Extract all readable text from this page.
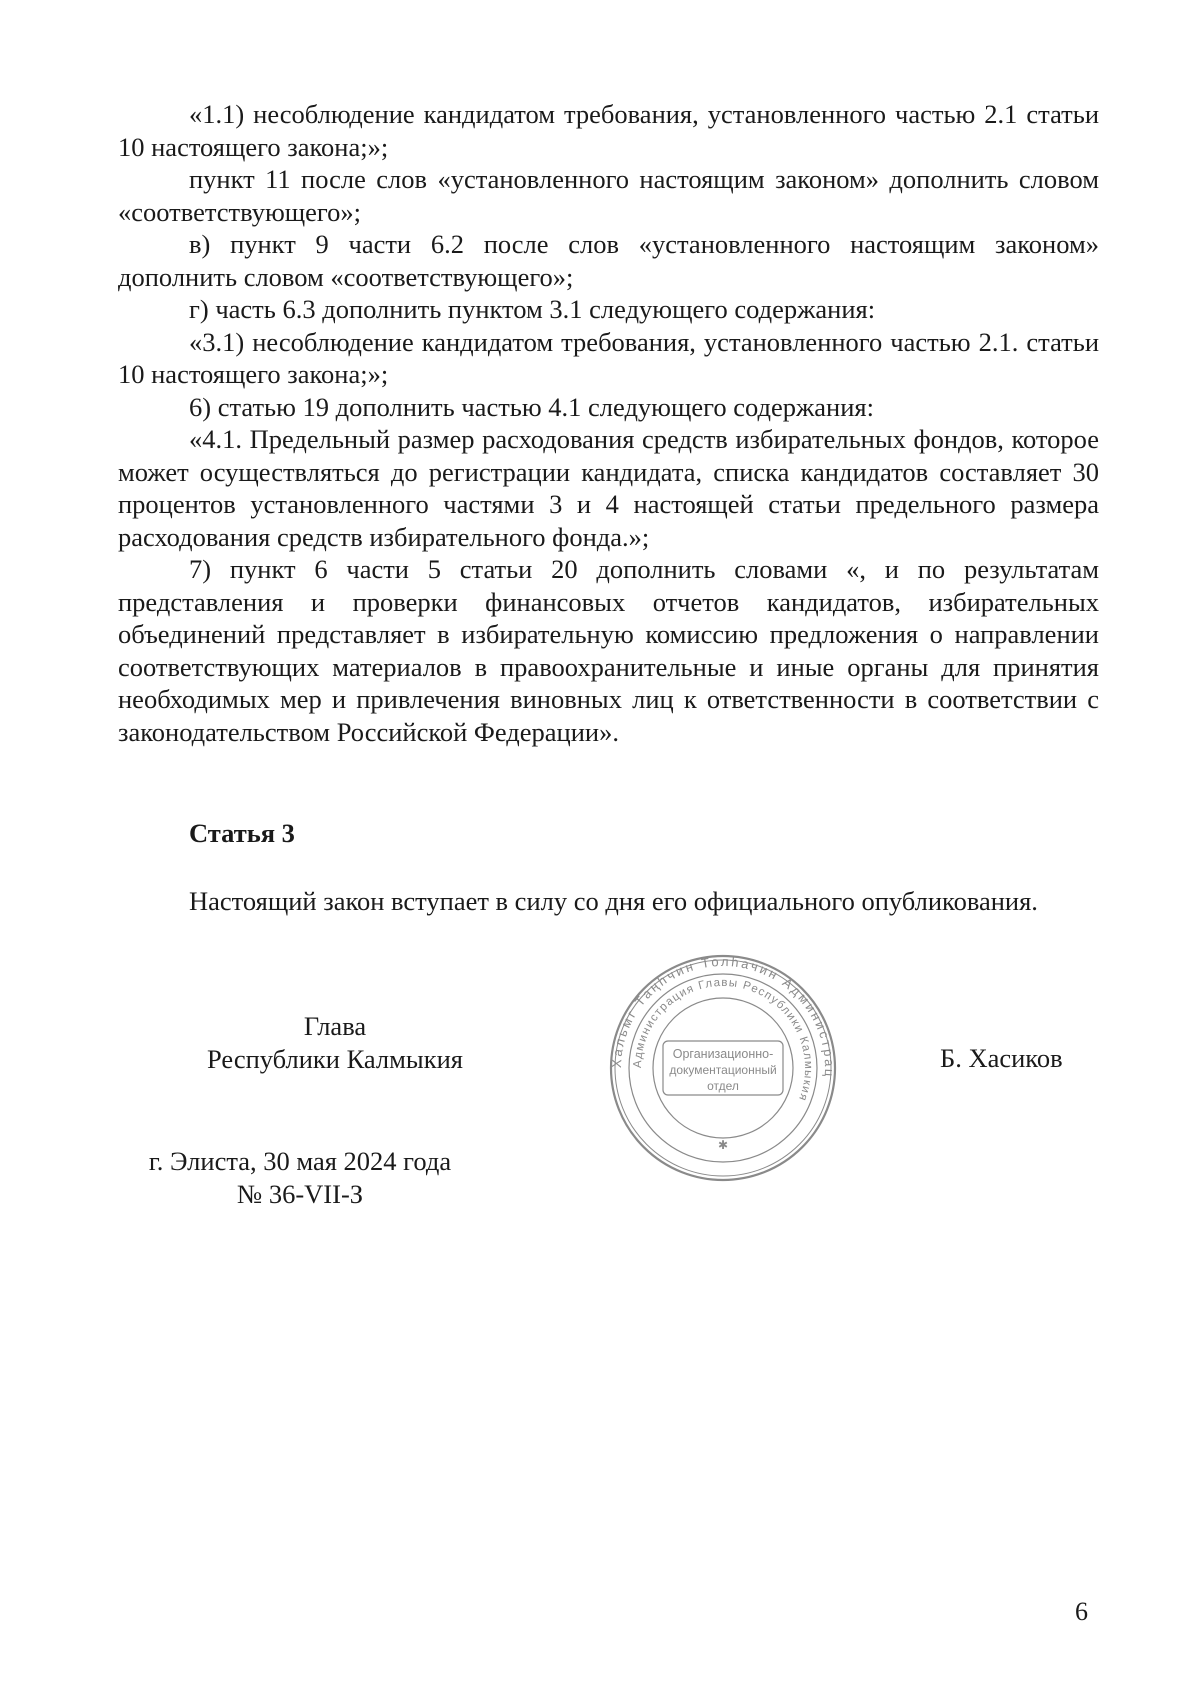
«1.1) несоблюдение кандидатом требования, установленного частью 2.1 статьи 10 настоящего закона;»;

пункт 11 после слов «установленного настоящим законом» дополнить словом «соответствующего»;

в) пункт 9 части 6.2 после слов «установленного настоящим законом» дополнить словом «соответствующего»;

г) часть 6.3 дополнить пунктом 3.1 следующего содержания:

«3.1) несоблюдение кандидатом требования, установленного частью 2.1. статьи 10 настоящего закона;»;

6) статью 19 дополнить частью 4.1 следующего содержания:

«4.1. Предельный размер расходования средств избирательных фондов, которое может осуществляться до регистрации кандидата, списка кандидатов составляет 30 процентов установленного частями 3 и 4 настоящей статьи предельного размера расходования средств избирательного фонда.»;

7) пункт 6 части 5 статьи 20 дополнить словами «, и по результатам представления и проверки финансовых отчетов кандидатов, избирательных объединений представляет в избирательную комиссию предложения о направлении соответствующих материалов в правоохранительные и иные органы для принятия необходимых мер и привлечения виновных лиц к ответственности в соответствии с законодательством Российской Федерации».

Статья 3

Настоящий закон вступает в силу со дня его официального опубликования.

Глава
Республики Калмыкия	Хальмг Таңһчин Толһачин Администрац
Администрация Главы Республики Калмыкия
Организационно-
документационный
отдел
✱
Б. Хасиков
г. Элиста, 30 мая 2024 года
№ 36-VII-З
6
